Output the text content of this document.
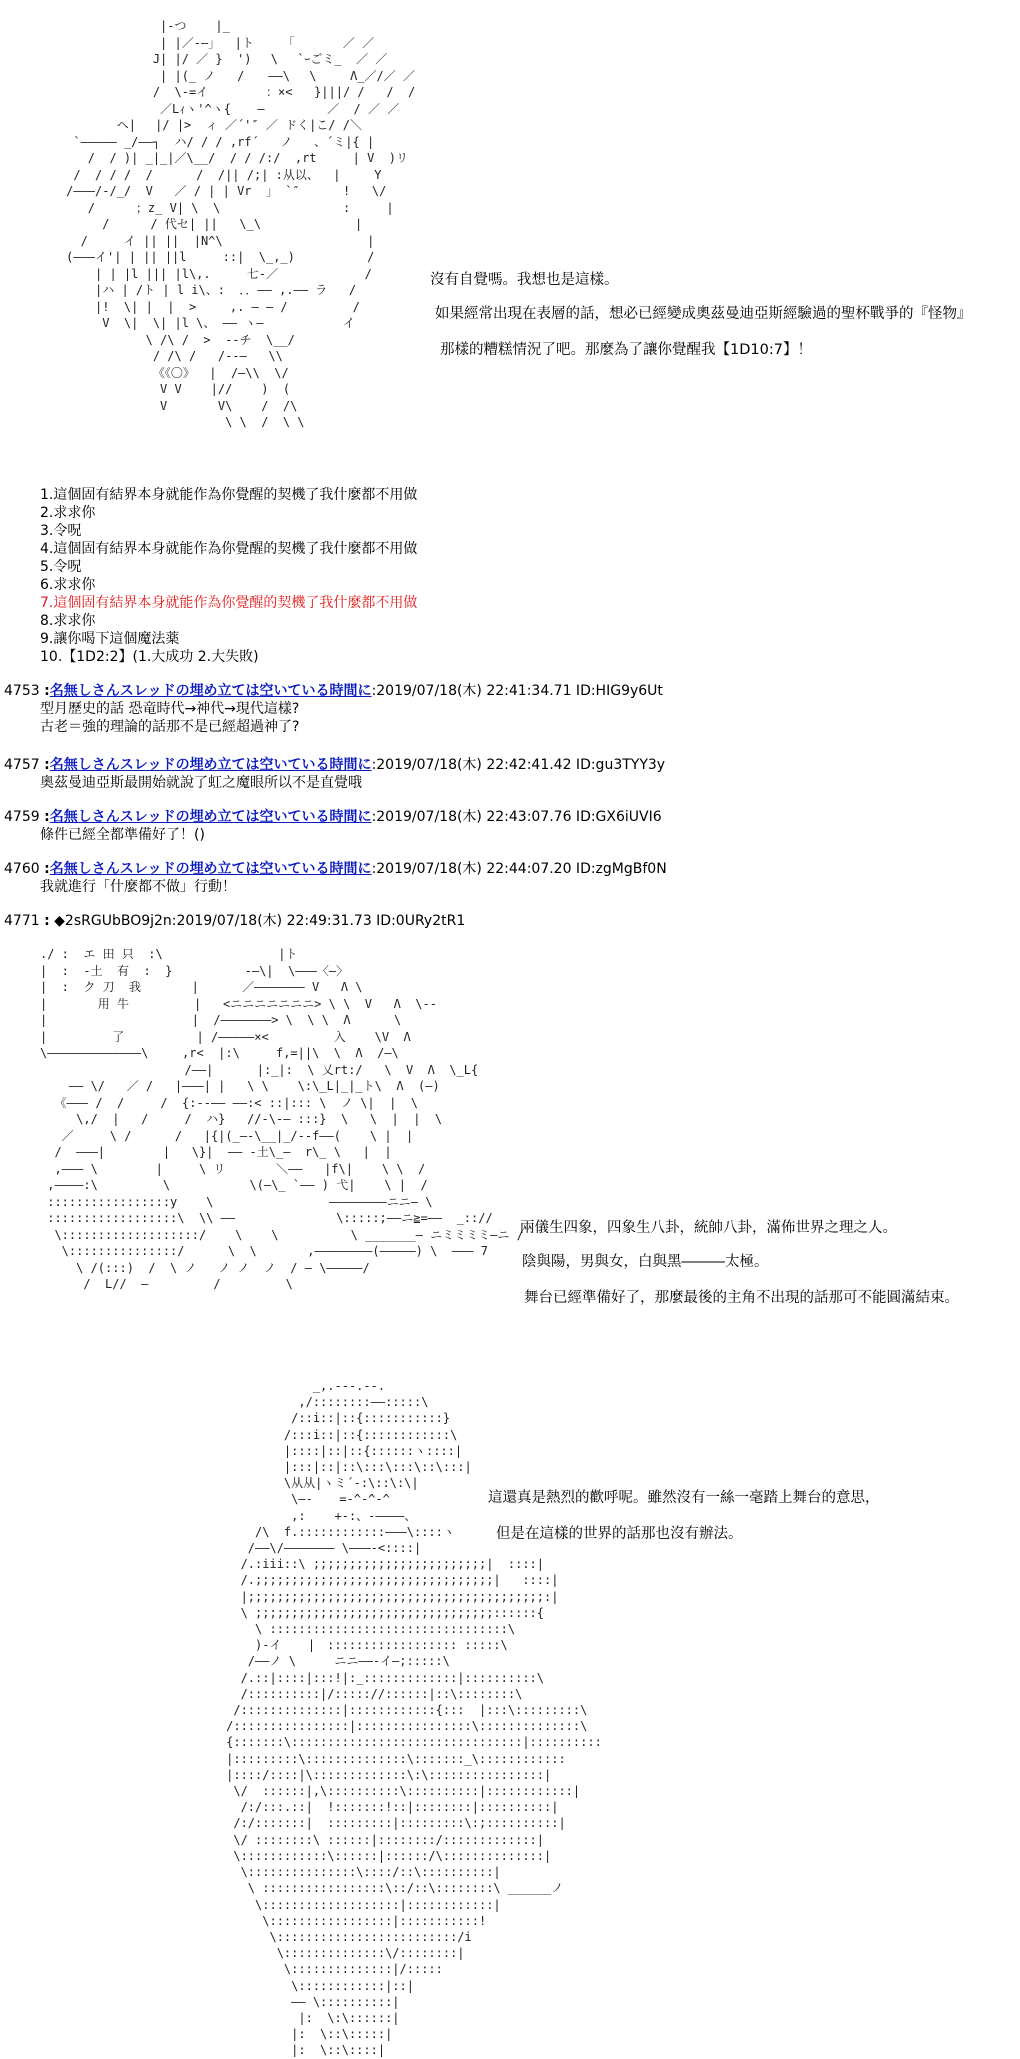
|‐つ    |_
| |／‐―」  |ト    「   　  ／ ／
J| |/ ／ }  ') 　\ 　`ｰごミ_  ／ ／
| |(_ ノ   /　　――\ 　\  　 Λ_／/／ ／
/  \‐=イ        ：×<   }|||/ /   /  /
／Lｨヽ'^ヽ{  　―　　 　　 ／  / ／ ／
ヘ|　 |/ |>  ィ ／´'″ ／ ドく|こ/ /＼
`――――― _/――┐  ハ/ / / ,rf´   ノ   、´ミ|{ |
/  / )| _|_|／\__/  / / /:/  ,rt     | V  )リ
/  / / /  /      /  /|| /;| :从以、  |  　 Y
/―――/‐/_/  V   ／ / | | Vr  」 `″      !   \/
/   　 ；z_ V| \  \                 :     |
/   　 / 代セ| ||   \_\             |
/     イ || ||  |N^\                    |
(―――イ'| | || ||l     ::|  \_,_)          /
| | |l ||| |l\,.     七‐／            /
|ハ | /ト | l i\、:  ．．―― ,.―― ラ   /
|!  \| |  |  >  　 ,. ― ― /         /
V  \|  \| |l \、 ―― ヽ―           イ
\ /\ /  >  ‐‐チ  \__/
/ /\ /   /‐‐―   \\
《《〇》  |  /―\\  \/
V V    |//    )  (
V       V\    /  /\
\ \  /  \ \

沒有自覺嗎。我想也是這樣。
如果經常出現在表層的話，想必已經變成奧茲曼迪亞斯經驗過的聖杯戰爭的『怪物』
那樣的糟糕情況了吧。那麼為了讓你覺醒我【1D10:7】！
1.這個固有結界本身就能作為你覺醒的契機了我什麼都不用做
2.求求你
3.令呪
4.這個固有結界本身就能作為你覺醒的契機了我什麼都不用做
5.令呪
6.求求你
7.這個固有結界本身就能作為你覺醒的契機了我什麼都不用做
8.求求你
9.讓你喝下這個魔法薬
10.【1D2:2】(1.大成功 2.大失敗)
4753 :名無しさんスレッドの埋め立ては空いている時間に:2019/07/18(木) 22:41:34.71 ID:HIG9y6Ut
型月歷史的話 恐竜時代→神代→現代這樣?
古老＝強的理論的話那不是已經超過神了?
4757 :名無しさんスレッドの埋め立ては空いている時間に:2019/07/18(木) 22:42:41.42 ID:gu3TYY3y
奧茲曼迪亞斯最開始就說了虹之魔眼所以不是直覺哦
4759 :名無しさんスレッドの埋め立ては空いている時間に:2019/07/18(木) 22:43:07.76 ID:GX6iUVI6
條件已經全都準備好了！()
4760 :名無しさんスレッドの埋め立ては空いている時間に:2019/07/18(木) 22:44:07.20 ID:zgMgBf0N
我就進行「什麼都不做」行動！
4771 : ◆2sRGUbBO9j2n:2019/07/18(木) 22:49:31.73 ID:0URy2tR1
./ :  エ 田 只  :\                |ト
|  :  ‐土  有  :  }          ‐―\|  \―――〈―〉
|  :  ク 刀  我       |      ／――――――― V   Λ \
|       用 牛         |   <ニニニニニニニ> \ \  V   Λ  \‐‐
|                    |  /―――――――> \  \ \  Λ      \
|         了          | /―――――×<         入    \V  Λ
\―――――――――――――\ 　  ,r<  |:\     f,=||\  \  Λ  /―\
/――|      |:_|:  \ 乂rt:/   \  V  Λ  \_L{
―― \/   ／ /   |―――| |   \ \    \:\_L|_|_ト\  Λ  (―)
《――― /  /     /  {:‐‐―― ――:< ::|::: \  ノ \|  |  \
\,/  |   /     /  ハ}   //‐\‐― :::}  \   \  |  |  \
／     \ /      /   |{|(_―‐\__|_/‐‐f――(    \ |  |
/  ―――|        |   \}|  ―― ‐土\_―  r\_ \   |  |
,――― \        |     \ リ       ＼――   |f\|    \ \  /
,――――:\         \           \(―\_ `―― ) 弋|    \ |  /
:::::::::::::::::y    \                ――――――――ニニ― \
::::::::::::::::::\  \\ ――              \:::::;――ニ≧=――  _:://
\:::::::::::::::::::/    \    \          \ _______― ニミミミミ―ニ /
\:::::::::::::::/      \  \       ,――――――――(―――――) \  ――― 7
\ /(:::)  /  \ ノ   ノ ノ  ノ  / ― \―――――/
/  L//  ―         /         \

兩儀生四象，四象生八卦，統帥八卦，滿佈世界之理之人。
陰與陽，男與女，白與黑―――太極。
舞台已經準備好了，那麼最後的主角不出現的話那可不能圓滿結束。
_,.‐-‐.‐-.
,/::::::::――:::::\
/::i::|::{:::::::::::}
/:::i::|::{::::::::::::\
|::::|::|::{::::::ヽ::::|
|:::|::|::\:::\:::\::\:::|
\从从|ヽミ´‐:\::\:\|
\―‐ 　 =‐^‐^‐^
,:    +‐:、‐――――、
/\  f.::::::::::::―――\::::ヽ
/――\/――――――― \―――‐<::::|
/.:iii::\ ;;;;;;;;;;;;;;;;;;;;;;;;|  ::::|
/.;;;;;;;;;;;;;;;;;;;;;;;;;;;;;;;;;|   ::::|
|;;;;;;;;;;;;;;;;;;;;;;;;;;;;;;;;;;;;;;;;;:|
\ ;;;;;;;;;;;;;;;;;;;;;;;;;;;;;;;;;::::::{
\ :::::::::::::::::::::::::::::::::\
)‐イ  　|　:::::::::::::::::: :::::\
/――ノ \ 　 　ニニ――‐イ―;:::::\
/.::|::::|:::!|:_:::::::::::::|::::::::::\
/::::::::::|/::::://::::::|::\::::::::\
/::::::::::::::|::::::::::::{:::  |:::\:::::::::\
/::::::::::::::::|::::::::::::::::\::::::::::::::\
{:::::::\::::::::::::::::::::::::::::::::|::::::::::
|:::::::::\::::::::::::::\:::::::_\::::::::::::
|::::/::::|\:::::::::::::\:\::::::::::::::::|
\/  ::::::|,\::::::::::\::::::::::|::::::::::::|
/:/:::.::|  !:::::::!::|::::::::|::::::::::|
/:/:::::::|  :::::::::|:::::::::\:;::::::::::|
\/ ::::::::\ ::::::|::::::::/:::::::::::::|
\::::::::::::\::::::|::::::/\::::::::::::::|
\:::::::::::::::\::::/::\::::::::::|
\ :::::::::::::::::\::/::\::::::::\ ______ノ
\:::::::::::::::::::|::::::::::::|
\:::::::::::::::::|:::::::::::!
\:::::::::::::::::::::::::/i
\::::::::::::::\/::::::::|
\::::::::::::::|/:::::
\::::::::::::|::|
―― \::::::::::|
|:  \:\::::::|
|:  \::\:::::|
|:  \::\::::|

這還真是熱烈的歡呼呢。雖然沒有一絲一毫踏上舞台的意思，
但是在這樣的世界的話那也沒有辦法。
